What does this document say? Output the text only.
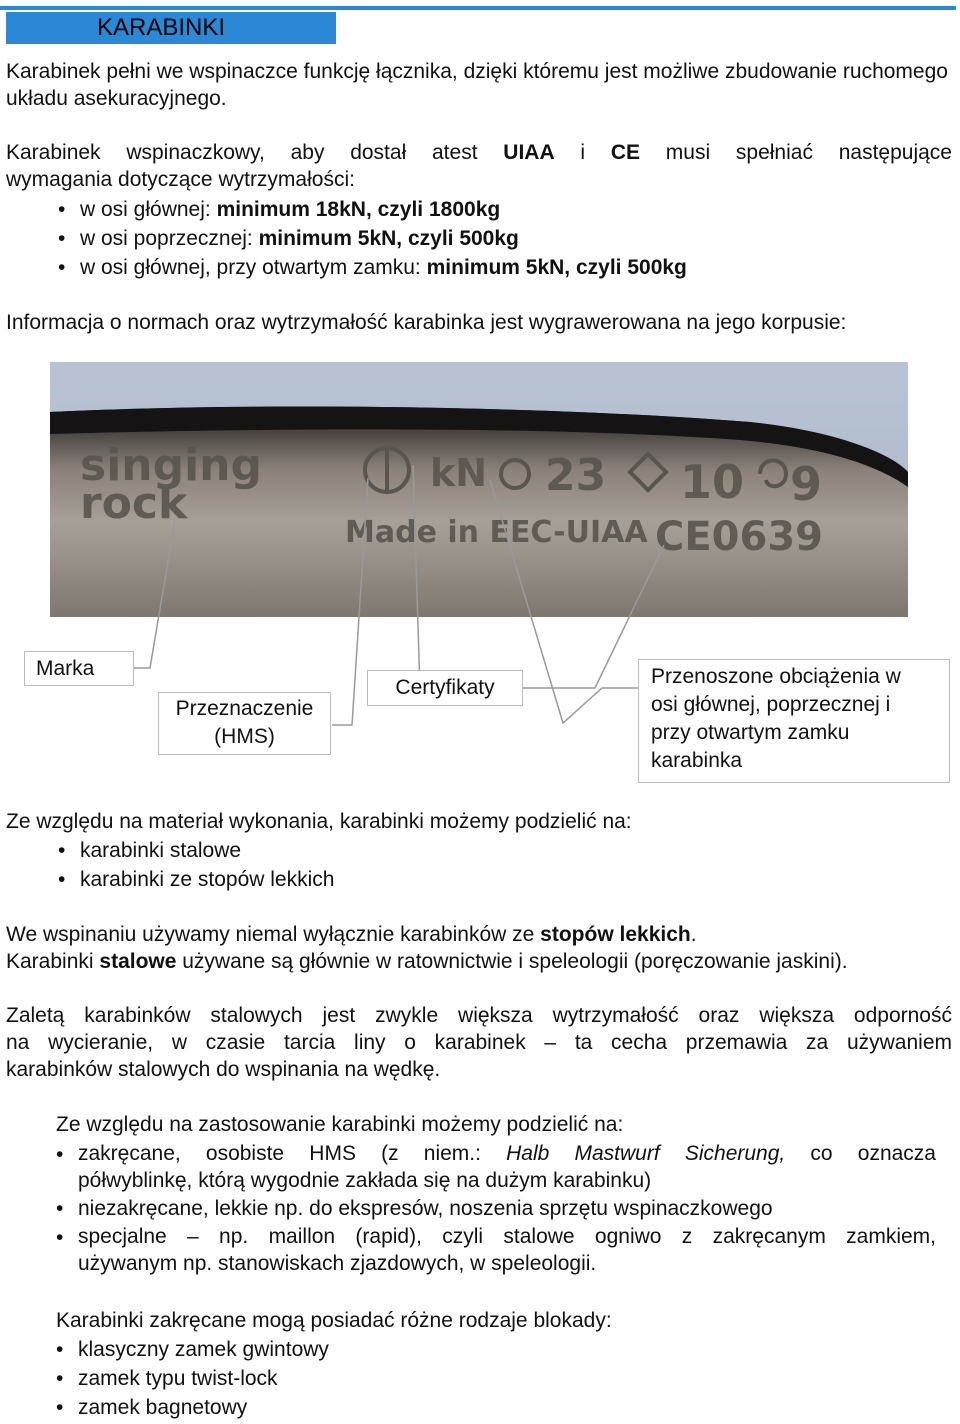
KARABINKI

Karabinek pełni we wspinaczce funkcję łącznika, dzięki któremu jest możliwe zbudowanie ruchomego układu asekuracyjnego.

Karabinek wspinaczkowy, aby dostał atest UIAA i CE musi spełniać następujące

wymagania dotyczące wytrzymałości:

• w osi głównej: minimum 18kN, czyli 1800kg
• w osi poprzecznej: minimum 5kN, czyli 500kg
• w osi głównej, przy otwartym zamku: minimum 5kN, czyli 500kg

Informacja o normach oraz wytrzymałość karabinka jest wygrawerowana na jego korpusie:

singing
rock
kN 23 10 9
Made in EEC-UIAA CE0639
Marka
Przeznaczenie
(HMS)
Certyfikaty	Przenoszone obciążenia w
osi głównej, poprzecznej i
przy otwartym zamku
karabinka

Ze względu na materiał wykonania, karabinki możemy podzielić na:

• karabinki stalowe
• karabinki ze stopów lekkich

We wspinaniu używamy niemal wyłącznie karabinków ze stopów lekkich.

Karabinki stalowe używane są głównie w ratownictwie i speleologii (poręczowanie jaskini).

Zaletą karabinków stalowych jest zwykle większa wytrzymałość oraz większa odporność

na wycieranie, w czasie tarcia liny o karabinek – ta cecha przemawia za używaniem

karabinków stalowych do wspinania na wędkę.

Ze względu na zastosowanie karabinki możemy podzielić na:

• zakręcane, osobiste HMS (z niem.: Halb Mastwurf Sicherung, co oznacza
półwyblinkę, którą wygodnie zakłada się na dużym karabinku)
• niezakręcane, lekkie np. do ekspresów, noszenia sprzętu wspinaczkowego
• specjalne – np. maillon (rapid), czyli stalowe ogniwo z zakręcanym zamkiem,
używanym np. stanowiskach zjazdowych, w speleologii.

Karabinki zakręcane mogą posiadać różne rodzaje blokady:

• klasyczny zamek gwintowy
• zamek typu twist-lock
• zamek bagnetowy
